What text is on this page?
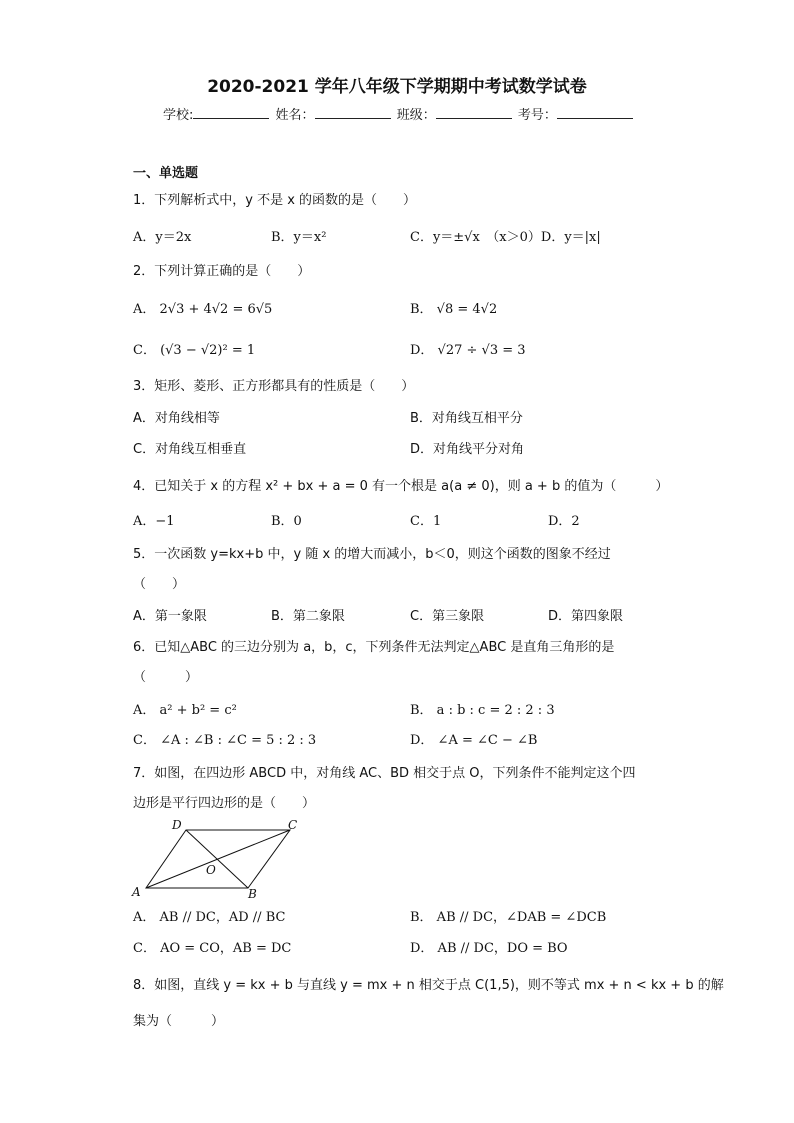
2020-2021 学年八年级下学期期中考试数学试卷
学校:	姓名：	班级：	考号：
一、单选题
1．下列解析式中，y 不是 x 的函数的是（　　）
A．y＝2x	B．y＝x²	C．y＝±√x　（x＞0）D．y＝|x|
2．下列计算正确的是（　　）
A． 2√3 + 4√2 = 6√5	B． √8 = 4√2
C． (√3 − √2)² = 1	D． √27 ÷ √3 = 3
3．矩形、菱形、正方形都具有的性质是（　　）
A．对角线相等	B．对角线互相平分
C．对角线互相垂直	D．对角线平分对角
4．已知关于 x 的方程 x² + bx + a = 0 有一个根是 a(a ≠ 0)，则 a + b 的值为（　　　）
A．−1	B．0	C．1	D．2
5．一次函数 y=kx+b 中，y 随 x 的增大而减小，b＜0，则这个函数的图象不经过
（　　）
A．第一象限	B．第二象限	C．第三象限	D．第四象限
6．已知△ABC 的三边分别为 a，b，c，下列条件无法判定△ABC 是直角三角形的是
（　　　）
A． a² + b² = c²	B． a : b : c = 2 : 2 : 3
C． ∠A : ∠B : ∠C = 5 : 2 : 3	D． ∠A = ∠C − ∠B
7．如图，在四边形 ABCD 中，对角线 AC、BD 相交于点 O，下列条件不能判定这个四
边形是平行四边形的是（　　）
A	B
C
D
O
A． AB // DC，AD // BC	B． AB // DC，∠DAB = ∠DCB
C． AO = CO，AB = DC	D． AB // DC，DO = BO
8．如图，直线 y = kx + b 与直线 y = mx + n 相交于点 C(1,5)，则不等式 mx + n < kx + b 的解
集为（　　　）
